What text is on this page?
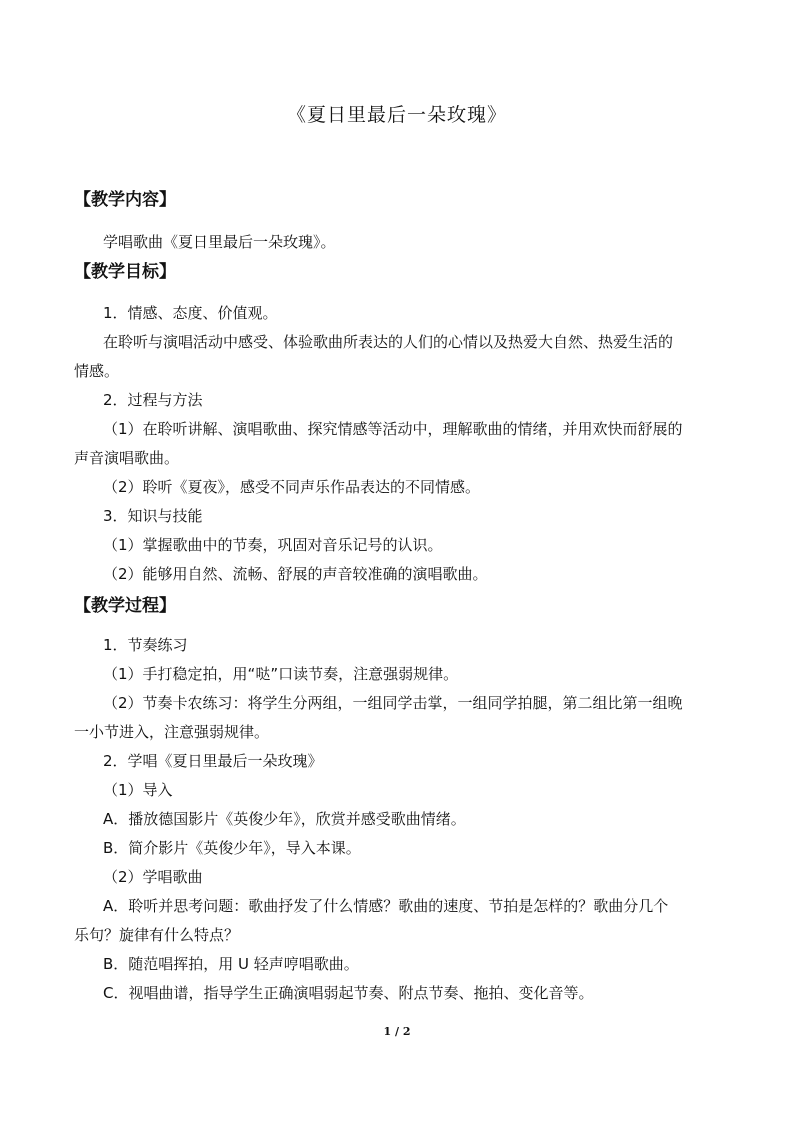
《夏日里最后一朵玫瑰》
【教学内容】
学唱歌曲《夏日里最后一朵玫瑰》。
【教学目标】
1．情感、态度、价值观。
在聆听与演唱活动中感受、体验歌曲所表达的人们的心情以及热爱大自然、热爱生活的
情感。
2．过程与方法
（1）在聆听讲解、演唱歌曲、探究情感等活动中，理解歌曲的情绪，并用欢快而舒展的
声音演唱歌曲。
（2）聆听《夏夜》，感受不同声乐作品表达的不同情感。
3．知识与技能
（1）掌握歌曲中的节奏，巩固对音乐记号的认识。
（2）能够用自然、流畅、舒展的声音较准确的演唱歌曲。
【教学过程】
1．节奏练习
（1）手打稳定拍，用“哒”口读节奏，注意强弱规律。
（2）节奏卡农练习：将学生分两组，一组同学击掌，一组同学拍腿，第二组比第一组晚
一小节进入，注意强弱规律。
2．学唱《夏日里最后一朵玫瑰》
（1）导入
A．播放德国影片《英俊少年》，欣赏并感受歌曲情绪。
B．简介影片《英俊少年》，导入本课。
（2）学唱歌曲
A．聆听并思考问题：歌曲抒发了什么情感？歌曲的速度、节拍是怎样的？歌曲分几个
乐句？旋律有什么特点？
B．随范唱挥拍，用 U 轻声哼唱歌曲。
C．视唱曲谱，指导学生正确演唱弱起节奏、附点节奏、拖拍、变化音等。
1 / 2
